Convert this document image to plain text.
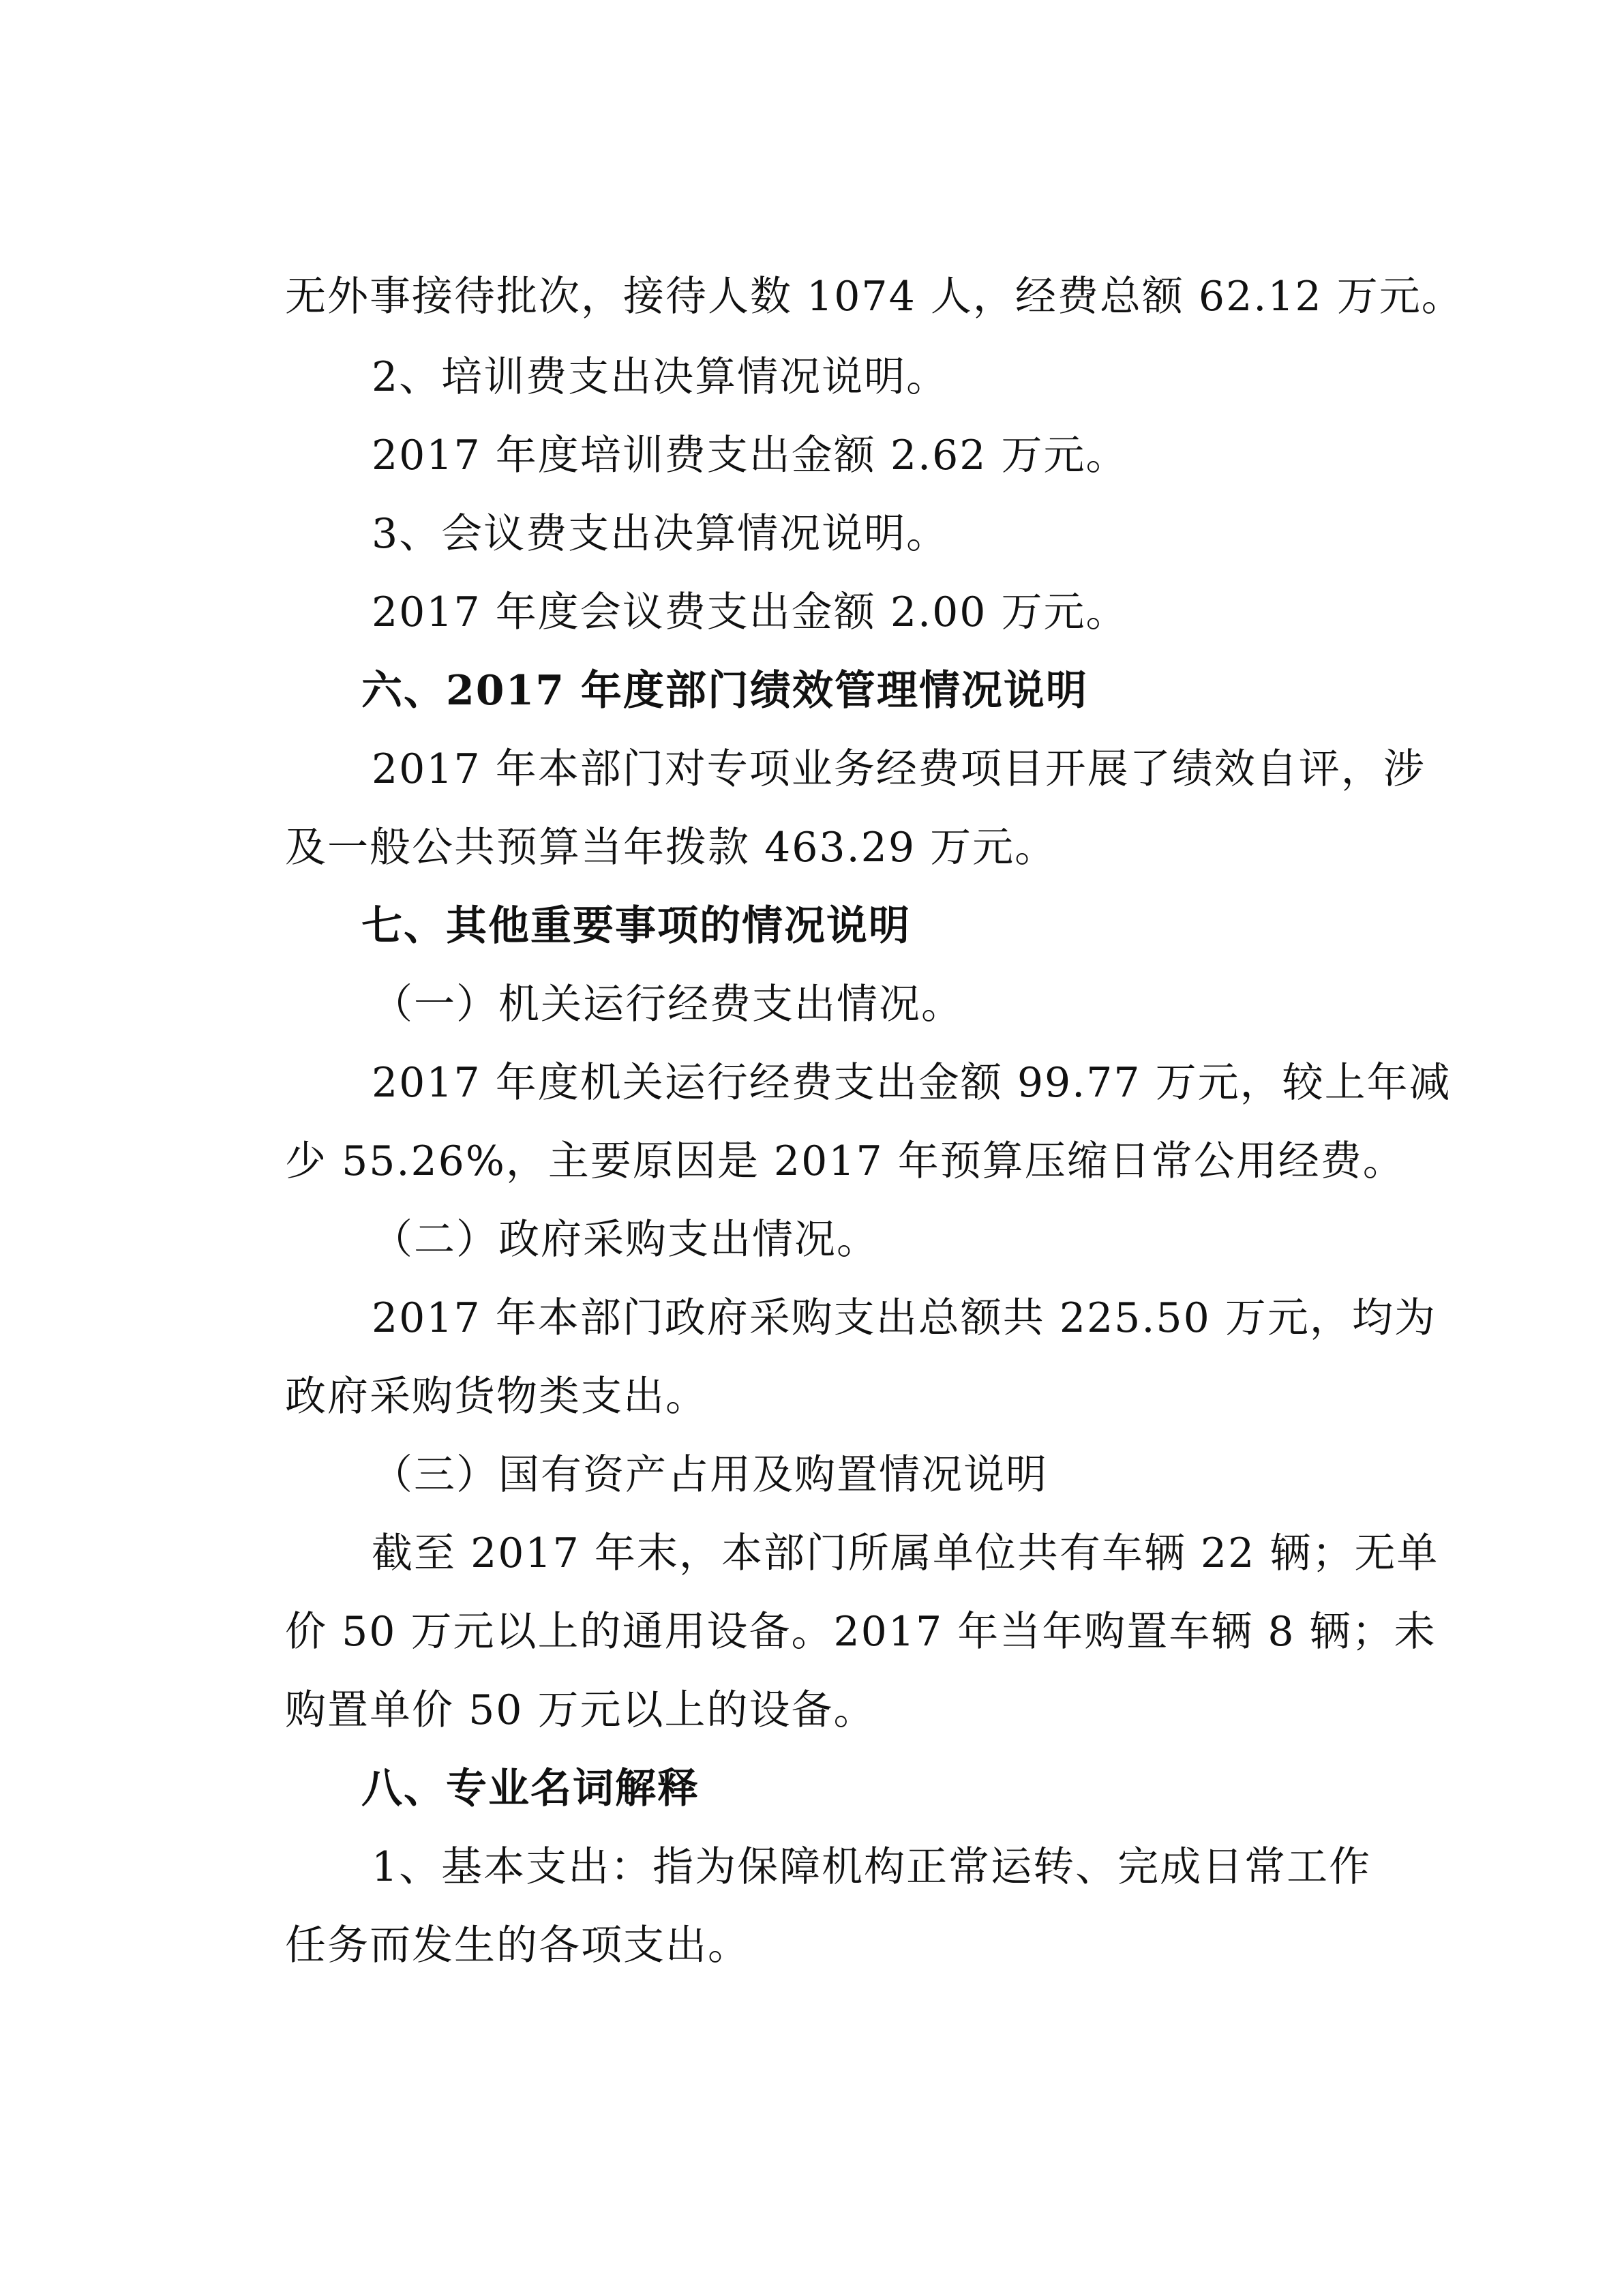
无外事接待批次，接待人数 1074 人，经费总额 62.12 万元。
2、培训费支出决算情况说明。
2017 年度培训费支出金额 2.62 万元。
3、会议费支出决算情况说明。
2017 年度会议费支出金额 2.00 万元。
六、2017 年度部门绩效管理情况说明
2017 年本部门对专项业务经费项目开展了绩效自评，涉
及一般公共预算当年拨款 463.29 万元。
七、其他重要事项的情况说明
（一）机关运行经费支出情况。
2017 年度机关运行经费支出金额 99.77 万元，较上年减
少 55.26%，主要原因是 2017 年预算压缩日常公用经费。
（二）政府采购支出情况。
2017 年本部门政府采购支出总额共 225.50 万元，均为
政府采购货物类支出。
（三）国有资产占用及购置情况说明
截至 2017 年末，本部门所属单位共有车辆 22 辆；无单
价 50 万元以上的通用设备。2017 年当年购置车辆 8 辆；未
购置单价 50 万元以上的设备。
八、专业名词解释
1、基本支出：指为保障机构正常运转、完成日常工作
任务而发生的各项支出。
